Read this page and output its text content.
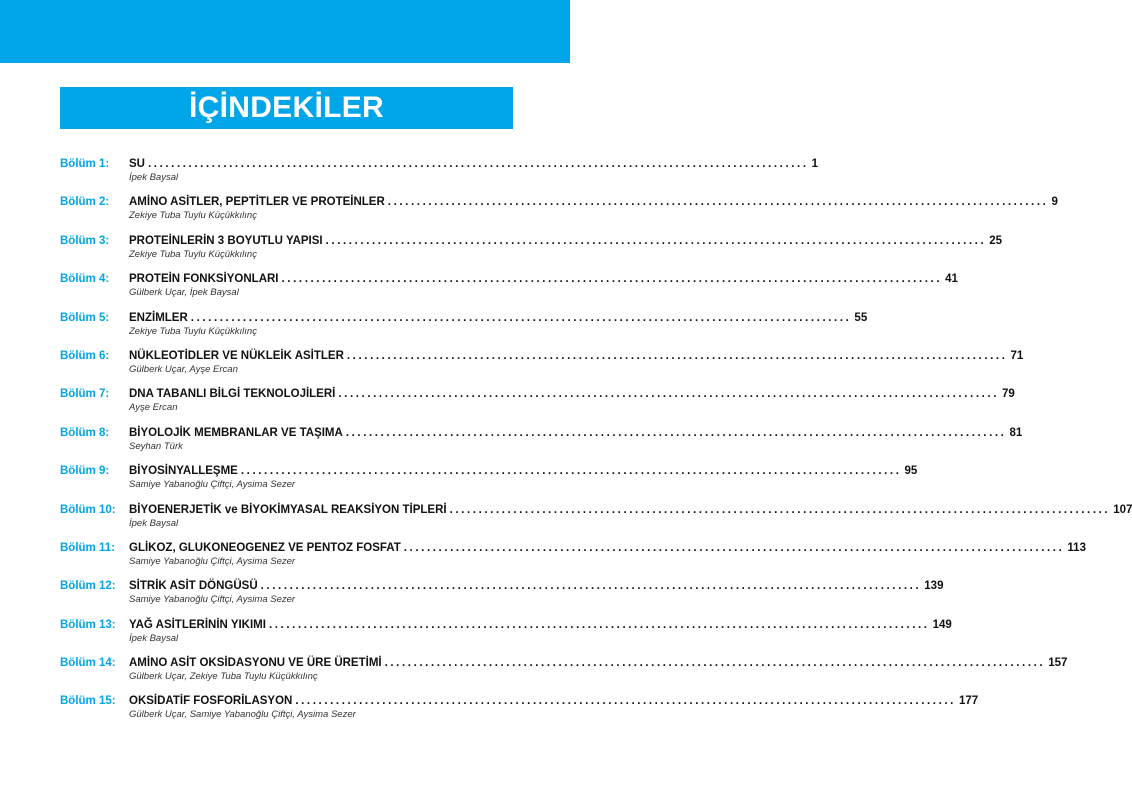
İÇİNDEKİLER
Bölüm 1:	SU .................................................................................................................. 1
İpek Baysal
Bölüm 2:	AMİNO ASİTLER, PEPTİTLER VE PROTEİNLER .................................................................................................................. 9
Zekiye Tuba Tuylu Küçükkılınç
Bölüm 3:	PROTEİNLERİN 3 BOYUTLU YAPISI .................................................................................................................. 25
Zekiye Tuba Tuylu Küçükkılınç
Bölüm 4:	PROTEİN FONKSİYONLARI .................................................................................................................. 41
Gülberk Uçar, İpek Baysal
Bölüm 5:	ENZİMLER .................................................................................................................. 55
Zekiye Tuba Tuylu Küçükkılınç
Bölüm 6:	NÜKLEOTİDLER VE NÜKLEİK ASİTLER .................................................................................................................. 71
Gülberk Uçar, Ayşe Ercan
Bölüm 7:	DNA TABANLI BİLGİ TEKNOLOJİLERİ .................................................................................................................. 79
Ayşe Ercan
Bölüm 8:	BİYOLOJİK MEMBRANLAR VE TAŞIMA .................................................................................................................. 81
Seyhan Türk
Bölüm 9:	BİYOSİNYALLEŞME .................................................................................................................. 95
Samiye Yabanoğlu Çiftçi, Aysima Sezer
Bölüm 10:	BİYOENERJETİK ve BİYOKİMYASAL REAKSİYON TİPLERİ .................................................................................................................. 107
İpek Baysal
Bölüm 11:	GLİKOZ, GLUKONEOGENEZ VE PENTOZ FOSFAT .................................................................................................................. 113
Samiye Yabanoğlu Çiftçi, Aysima Sezer
Bölüm 12:	SİTRİK ASİT DÖNGÜSÜ .................................................................................................................. 139
Samiye Yabanoğlu Çiftçi, Aysima Sezer
Bölüm 13:	YAĞ ASİTLERİNİN YIKIMI .................................................................................................................. 149
İpek Baysal
Bölüm 14:	AMİNO ASİT OKSİDASYONU VE ÜRE ÜRETİMİ .................................................................................................................. 157
Gülberk Uçar, Zekiye Tuba Tuylu Küçükkılınç
Bölüm 15:	OKSİDATİF FOSFORİLASYON .................................................................................................................. 177
Gülberk Uçar, Samiye Yabanoğlu Çiftçi, Aysima Sezer
